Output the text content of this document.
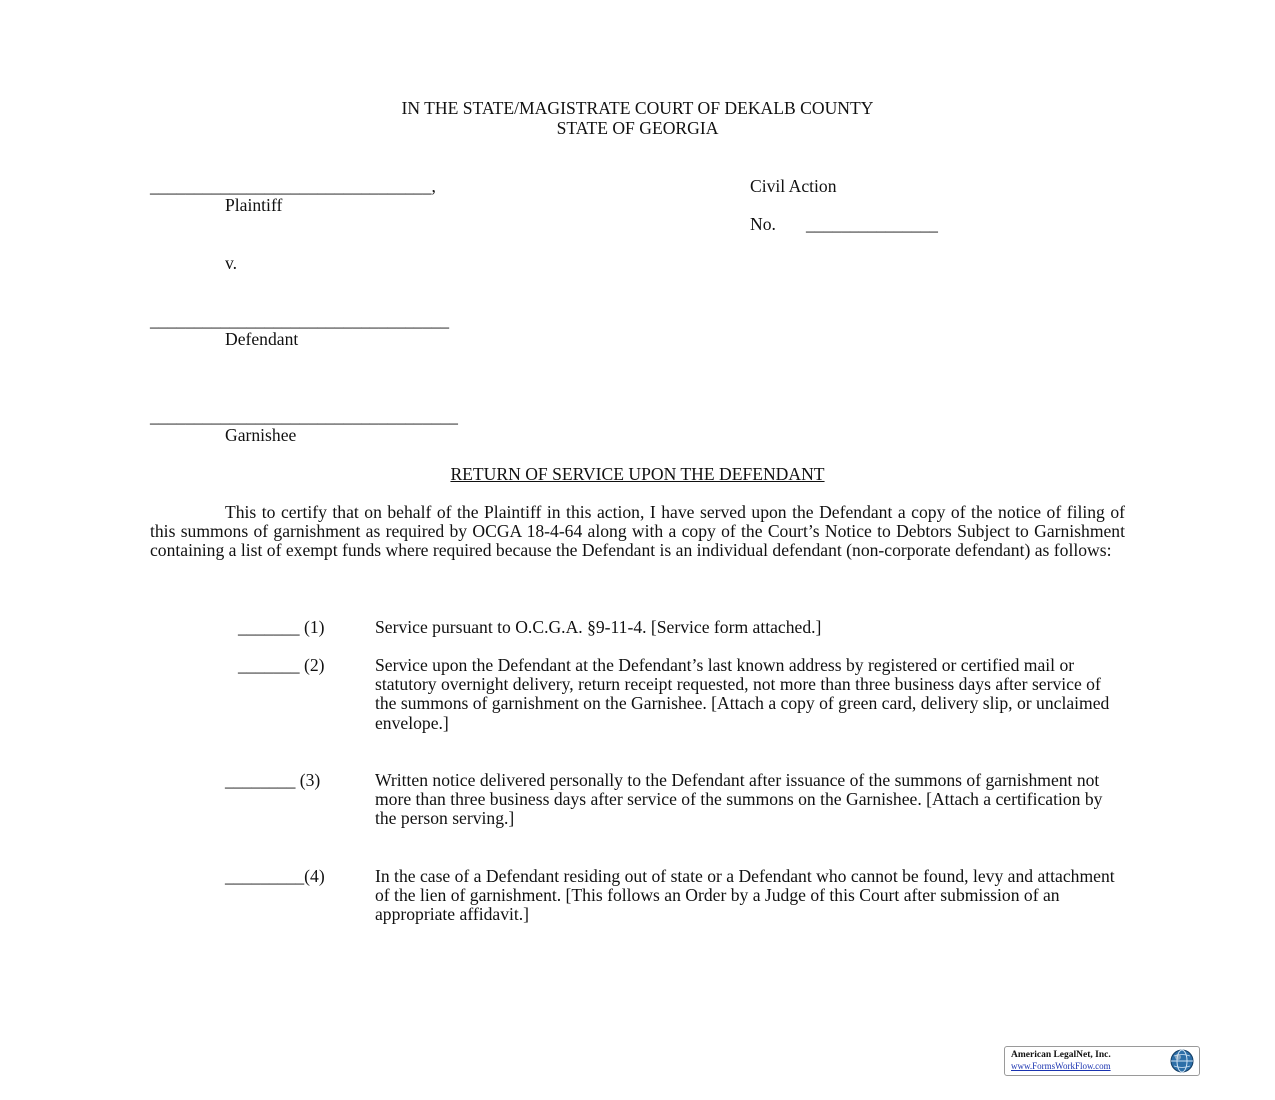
IN THE STATE/MAGISTRATE COURT OF DEKALB COUNTY
STATE OF GEORGIA
________________________________,
Plaintiff
Civil Action
No. _______________
v.
__________________________________
Defendant
___________________________________
Garnishee
RETURN OF SERVICE UPON THE DEFENDANT
This to certify that on behalf of the Plaintiff in this action, I have served upon the Defendant a copy of the notice of filing of this summons of garnishment as required by OCGA 18-4-64 along with a copy of the Court’s Notice to Debtors Subject to Garnishment containing a list of exempt funds where required because the Defendant is an individual defendant (non-corporate defendant) as follows:
_______ (1)	Service pursuant to O.C.G.A. §9-11-4. [Service form attached.]
_______ (2)	Service upon the Defendant at the Defendant’s last known address by registered or certified mail or statutory overnight delivery, return receipt requested, not more than three business days after service of the summons of garnishment on the Garnishee. [Attach a copy of green card, delivery slip, or unclaimed envelope.]
________ (3)	Written notice delivered personally to the Defendant after issuance of the summons of garnishment not more than three business days after service of the summons on the Garnishee. [Attach a certification by the person serving.]
_________(4)	In the case of a Defendant residing out of state or a Defendant who cannot be found, levy and attachment of the lien of garnishment. [This follows an Order by a Judge of this Court after submission of an appropriate affidavit.]
American LegalNet, Inc.
www.FormsWorkFlow.com
